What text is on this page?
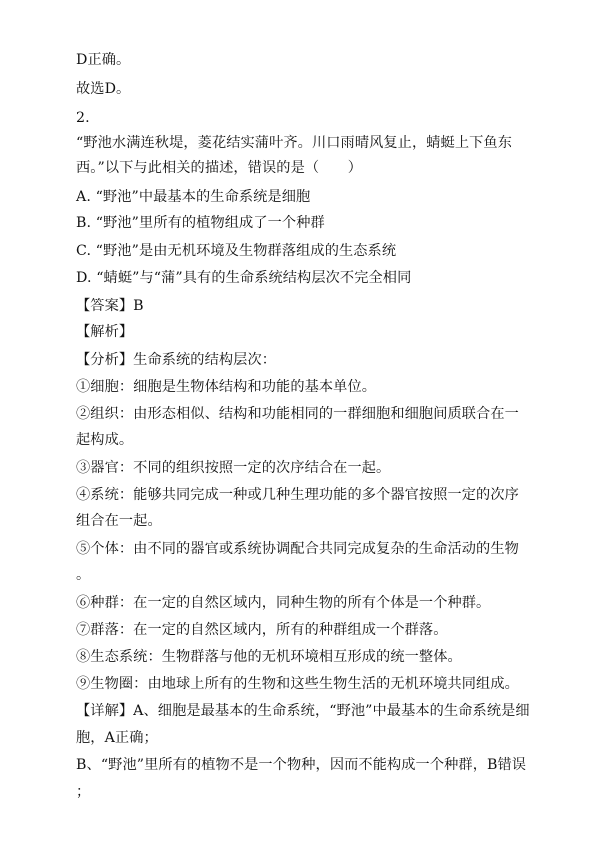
D正确。
故选D。
2.
“野池水满连秋堤，菱花结实蒲叶齐。川口雨晴风复止，蜻蜓上下鱼东
西。”以下与此相关的描述，错误的是（　　）
A. “野池”中最基本的生命系统是细胞
B. “野池”里所有的植物组成了一个种群
C. “野池”是由无机环境及生物群落组成的生态系统
D. “蜻蜓”与“蒲”具有的生命系统结构层次不完全相同
【答案】B
【解析】
【分析】生命系统的结构层次：
①细胞：细胞是生物体结构和功能的基本单位。
②组织：由形态相似、结构和功能相同的一群细胞和细胞间质联合在一
起构成。
③器官：不同的组织按照一定的次序结合在一起。
④系统：能够共同完成一种或几种生理功能的多个器官按照一定的次序
组合在一起。
⑤个体：由不同的器官或系统协调配合共同完成复杂的生命活动的生物
。
⑥种群：在一定的自然区域内，同种生物的所有个体是一个种群。
⑦群落：在一定的自然区域内，所有的种群组成一个群落。
⑧生态系统：生物群落与他的无机环境相互形成的统一整体。
⑨生物圈：由地球上所有的生物和这些生物生活的无机环境共同组成。
【详解】A、细胞是最基本的生命系统，“野池”中最基本的生命系统是细
胞，A正确；
B、“野池”里所有的植物不是一个物种，因而不能构成一个种群，B错误
；
